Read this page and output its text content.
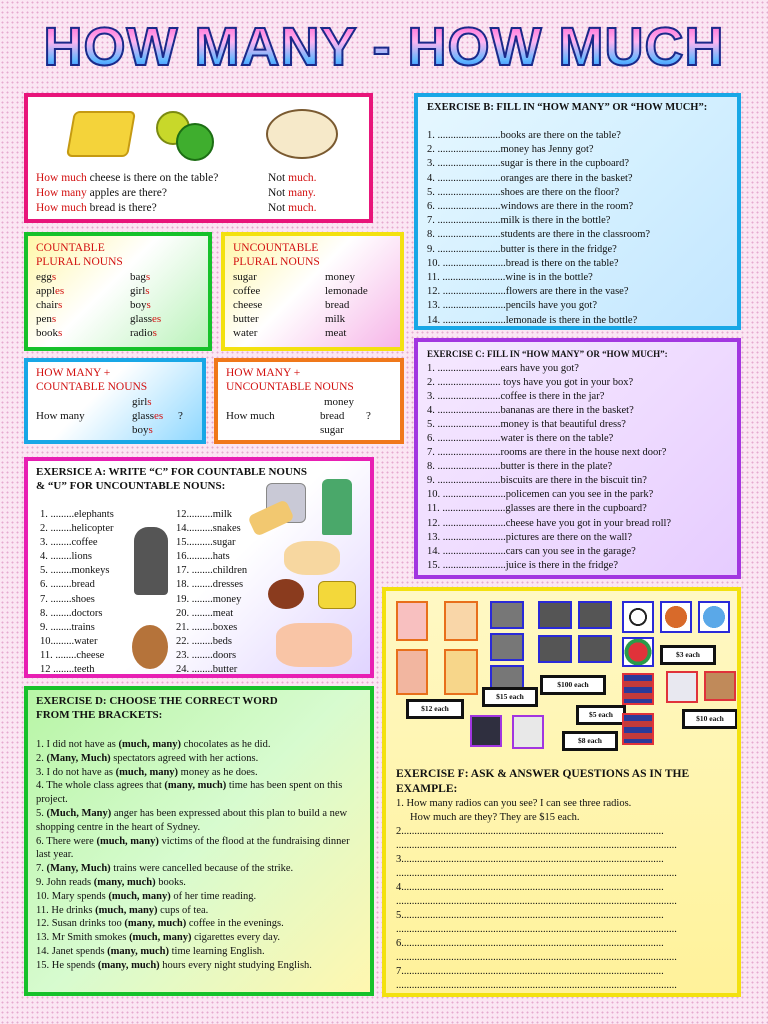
HOW MANY - HOW MUCH
How much cheese is there on the table?
How many apples are there?
How much bread is there?
Not much.
Not many.
Not much.
COUNTABLE
PLURAL NOUNS
eggs
apples
chairs
pens
books
bags
girls
boys
glasses
radios
UNCOUNTABLE
PLURAL NOUNS
sugar
coffee
cheese
butter
water
money
lemonade
bread
milk
meat
HOW MANY +
COUNTABLE NOUNS
How many
girls
glasses
boys
?
HOW MANY +
UNCOUNTABLE NOUNS
How much
money
bread
sugar
?
EXERSICE A: WRITE “C” FOR COUNTABLE NOUNS
& “U” FOR UNCOUNTABLE NOUNS:
1. .........elephants
2. ........helicopter
3. ........coffee
4. ........lions
5. ........monkeys
6. ........bread
7. ........shoes
8. ........doctors
9. ........trains
10.........water
11. ........cheese
12 ........teeth
12..........milk
14..........snakes
15..........sugar
16..........hats
17. ........children
18. ........dresses
19. ........money
20. ........meat
21. ........boxes
22. ........beds
23. ........doors
24. ........butter
EXERCISE D: CHOOSE THE CORRECT WORD
FROM THE BRACKETS:
1. I did not have as (much, many) chocolates as he did.
2. (Many, Much) spectators agreed with her actions.
3. I do not have as (much, many) money as he does.
4. The whole class agrees that (many, much) time has been spent on this project.
5. (Much, Many) anger has been expressed about this plan to build a new shopping centre in the heart of Sydney.
6. There were (much, many) victims of the flood at the fundraising dinner last year.
7. (Many, Much) trains were cancelled because of the strike.
9. John reads (many, much) books.
10. Mary spends (much, many) of her time reading.
11. He drinks (much, many) cups of tea.
12. Susan drinks too (many, much) coffee in the evenings.
13. Mr Smith smokes (much, many) cigarettes every day.
14. Janet spends (many, much) time learning English.
15. He spends (many, much) hours every night studying English.
EXERCISE B: FILL IN “HOW MANY” OR “HOW MUCH”:
1. ........................books are there on the table?
2. ........................money has Jenny got?
3. ........................sugar is there in the cupboard?
4. ........................oranges are there in the basket?
5. ........................shoes are there on the floor?
6. ........................windows are there in the room?
7. ........................milk is there in the bottle?
8. ........................students are there in the classroom?
9. ........................butter is there in the fridge?
10. ........................bread is there on the table?
11. ........................wine is in the bottle?
12. ........................flowers are there in the vase?
13. ........................pencils have you got?
14. ........................lemonade is there in the bottle?
EXERCISE C: FILL IN “HOW MANY” OR “HOW MUCH”:
1. ........................ears have you got?
2. ........................ toys have you got in your box?
3. ........................coffee is there in the jar?
4. ........................bananas are there in the basket?
5. ........................money is that beautiful dress?
6. ........................water is there on the table?
7. ........................rooms are there in the house next door?
8. ........................butter is there in the plate?
9. ........................biscuits are there in the biscuit tin?
10. ........................policemen can you see in the park?
11. ........................glasses are there in the cupboard?
12. ........................cheese have you got in your bread roll?
13. ........................pictures are there on the wall?
14. ........................cars can you see in the garage?
15. ........................juice is there in the fridge?
$3 each
$100 each
$15 each
$12 each
$5 each	$10 each
$8 each
EXERCISE F: ASK & ANSWER QUESTIONS AS IN THE
EXAMPLE:
1. How many radios can you see? I can see three radios.
How much are they? They are $15 each.
2....................................................................................................
...........................................................................................................
3....................................................................................................
...........................................................................................................
4....................................................................................................
...........................................................................................................
5....................................................................................................
...........................................................................................................
6....................................................................................................
...........................................................................................................
7....................................................................................................
...........................................................................................................
